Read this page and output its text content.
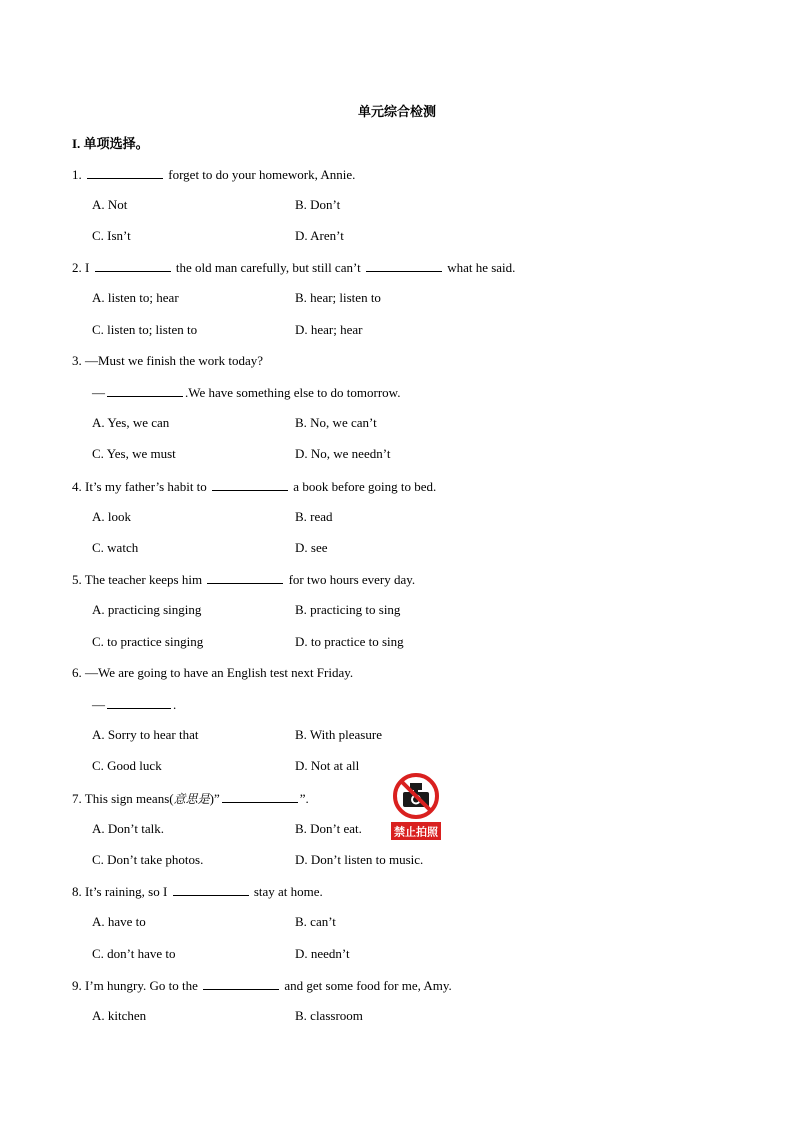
单元综合检测
I. 单项选择。
1.	forget to do your homework, Annie.
A. Not	B. Don’t
C. Isn’t	D. Aren’t
2. I	the old man carefully, but still can’t	what he said.
A. listen to; hear	B. hear; listen to
C. listen to; listen to	D. hear; hear
3. —Must we finish the work today?
—	.We have something else to do tomorrow.
A. Yes, we can	B. No, we can’t
C. Yes, we must	D. No, we needn’t
4. It’s my father’s habit to	a book before going to bed.
A. look	B. read
C. watch	D. see
5. The teacher keeps him	for two hours every day.
A. practicing singing	B. practicing to sing
C. to practice singing	D. to practice to sing
6. —We are going to have an English test next Friday.
—	.
A. Sorry to hear that	B. With pleasure
C. Good luck	D. Not at all
7. This sign means(意思是)”	”.
禁止拍照
A. Don’t talk.	B. Don’t eat.
C. Don’t take photos.	D. Don’t listen to music.
8. It’s raining, so I	stay at home.
A. have to	B. can’t
C. don’t have to	D. needn’t
9. I’m hungry. Go to the	and get some food for me, Amy.
A. kitchen	B. classroom
